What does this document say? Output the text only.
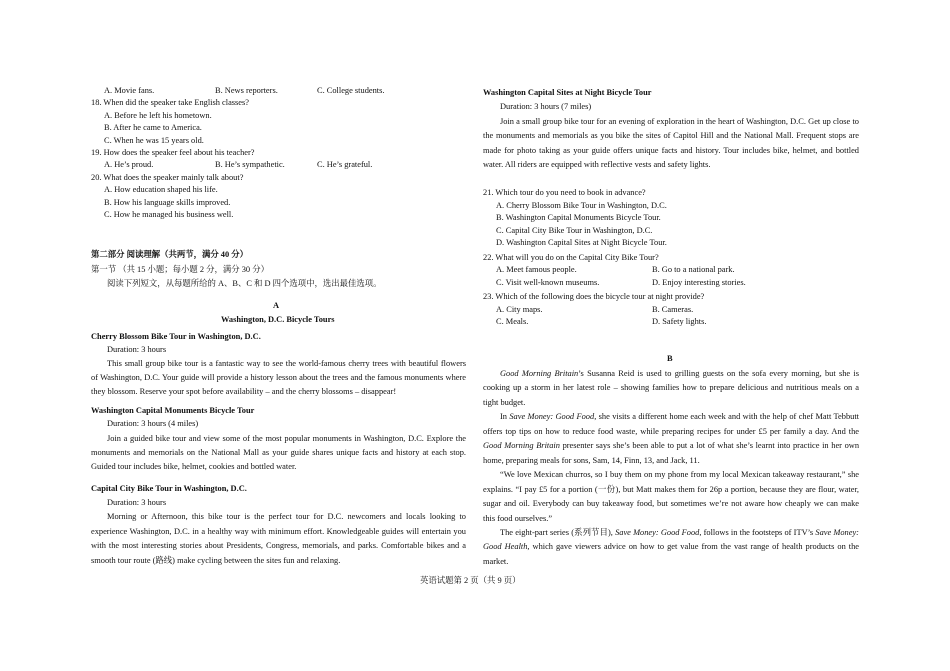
A. Movie fans.	B. News reporters.	C. College students.
18. When did the speaker take English classes?
A. Before he left his hometown.
B. After he came to America.
C. When he was 15 years old.
19. How does the speaker feel about his teacher?
A. He’s proud.	B. He’s sympathetic.	C. He’s grateful.
20. What does the speaker mainly talk about?
A. How education shaped his life.
B. How his language skills improved.
C. How he managed his business well.
第二部分 阅读理解（共两节，满分 40 分）
第一节 （共 15 小题；每小题 2 分，满分 30 分）
阅读下列短文，从每题所给的 A、B、C 和 D 四个选项中，选出最佳选项。
A
Washington, D.C. Bicycle Tours
Cherry Blossom Bike Tour in Washington, D.C.
Duration: 3 hours
This small group bike tour is a fantastic way to see the world-famous cherry trees with beautiful flowers
of Washington, D.C. Your guide will provide a history lesson about the trees and the famous monuments where
they blossom. Reserve your spot before availability – and the cherry blossoms – disappear!
Washington Capital Monuments Bicycle Tour
Duration: 3 hours (4 miles)
Join a guided bike tour and view some of the most popular monuments in Washington, D.C. Explore the
monuments and memorials on the National Mall as your guide shares unique facts and history at each stop.
Guided tour includes bike, helmet, cookies and bottled water.
Capital City Bike Tour in Washington, D.C.
Duration: 3 hours
Morning or Afternoon, this bike tour is the perfect tour for D.C. newcomers and locals looking to
experience Washington, D.C. in a healthy way with minimum effort. Knowledgeable guides will entertain you
with the most interesting stories about Presidents, Congress, memorials, and parks. Comfortable bikes and a
smooth tour route (路线) make cycling between the sites fun and relaxing.
Washington Capital Sites at Night Bicycle Tour
Duration: 3 hours (7 miles)
Join a small group bike tour for an evening of exploration in the heart of Washington, D.C. Get up close to
the monuments and memorials as you bike the sites of Capitol Hill and the National Mall. Frequent stops are
made for photo taking as your guide offers unique facts and history. Tour includes bike, helmet, and bottled
water. All riders are equipped with reflective vests and safety lights.
21. Which tour do you need to book in advance?
A. Cherry Blossom Bike Tour in Washington, D.C.
B. Washington Capital Monuments Bicycle Tour.
C. Capital City Bike Tour in Washington, D.C.
D. Washington Capital Sites at Night Bicycle Tour.
22. What will you do on the Capital City Bike Tour?
A. Meet famous people.	B. Go to a national park.
C. Visit well-known museums.	D. Enjoy interesting stories.
23. Which of the following does the bicycle tour at night provide?
A. City maps.	B. Cameras.
C. Meals.	D. Safety lights.
B
Good Morning Britain’s Susanna Reid is used to grilling guests on the sofa every morning, but she is
cooking up a storm in her latest role – showing families how to prepare delicious and nutritious meals on a
tight budget.
In Save Money: Good Food, she visits a different home each week and with the help of chef Matt Tebbutt
offers top tips on how to reduce food waste, while preparing recipes for under £5 per family a day. And the
Good Morning Britain presenter says she’s been able to put a lot of what she’s learnt into practice in her own
home, preparing meals for sons, Sam, 14, Finn, 13, and Jack, 11.
“We love Mexican churros, so I buy them on my phone from my local Mexican takeaway restaurant,” she
explains. “I pay £5 for a portion (一份), but Matt makes them for 26p a portion, because they are flour, water,
sugar and oil. Everybody can buy takeaway food, but sometimes we’re not aware how cheaply we can make
this food ourselves.”
The eight-part series (系列节目), Save Money: Good Food, follows in the footsteps of ITV’s Save Money:
Good Health, which gave viewers advice on how to get value from the vast range of health products on the
market.
英语试题第 2 页（共 9 页）
